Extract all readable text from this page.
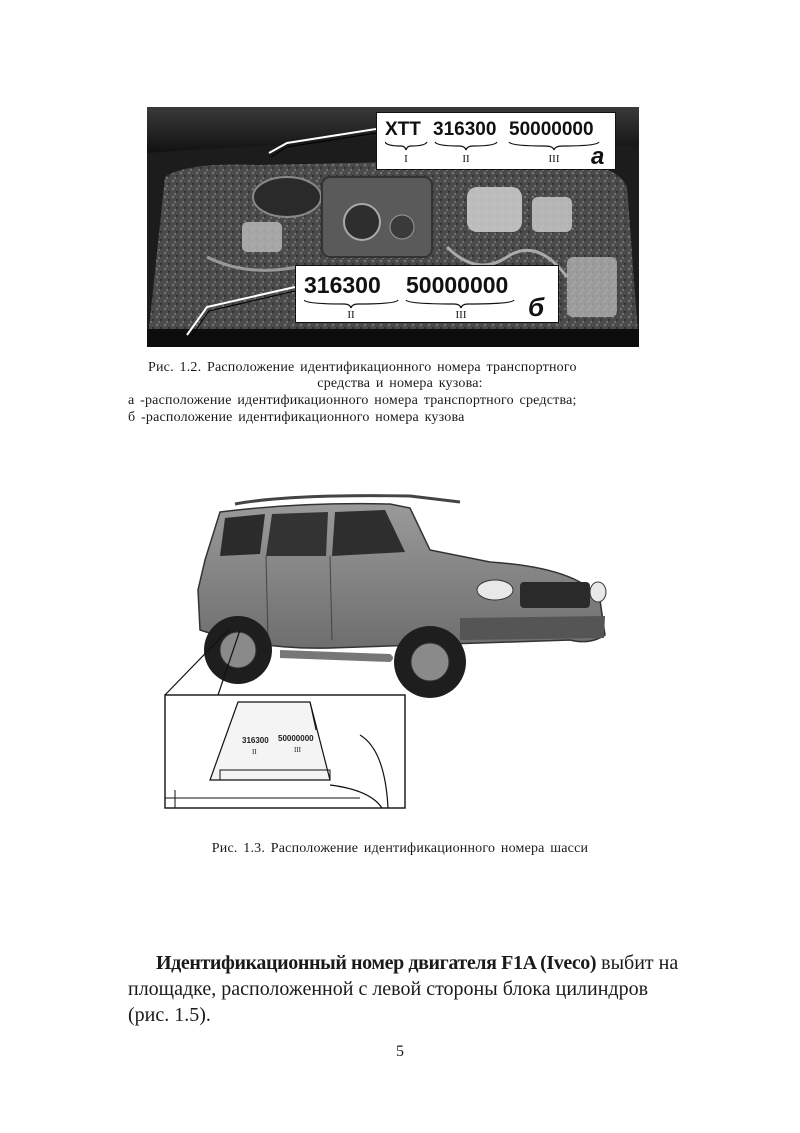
XTT 316300 50000000
I	II	III	а
316300 50000000
II	III б
Рис. 1.2. Расположение идентификационного номера транспортного
средства и номера кузова:
а -расположение идентификационного номера транспортного средства;
б -расположение идентификационного номера кузова
316300 50000000
II	III
Рис. 1.3. Расположение идентификационного номера шасси
Идентификационный номер двигателя F1A (Iveco) выбит на
площадке, расположенной с левой стороны блока цилиндров
(рис. 1.5).
5
